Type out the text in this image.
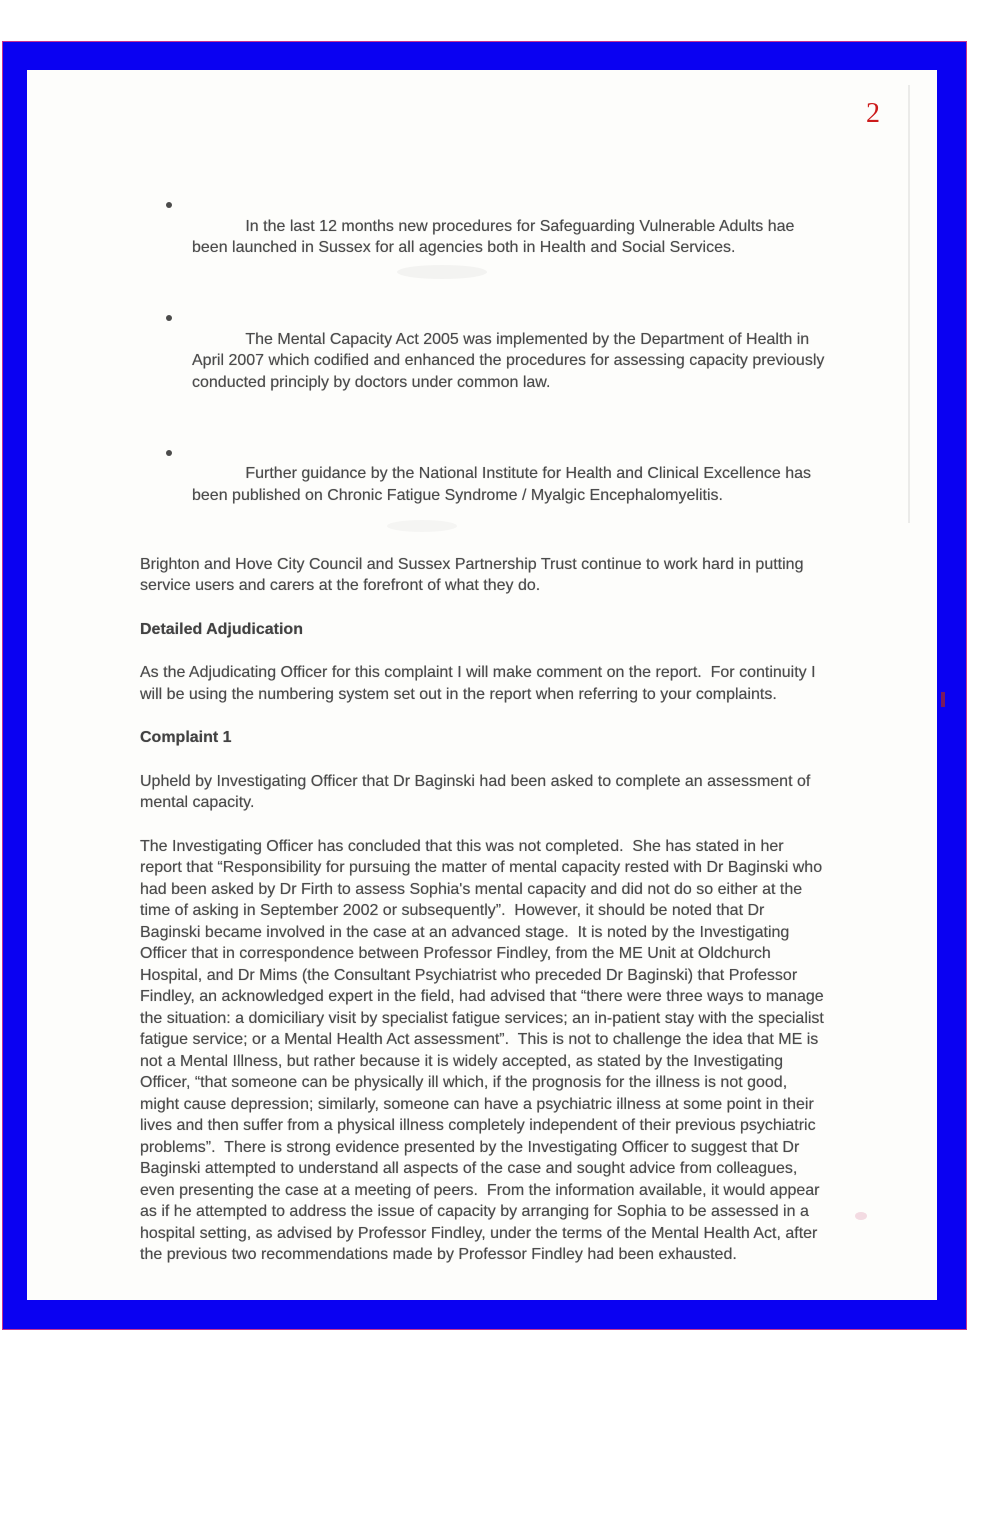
2

In the last 12 months new procedures for Safeguarding Vulnerable Adults hae been launched in Sussex for all agencies both in Health and Social Services.

The Mental Capacity Act 2005 was implemented by the Department of Health in April 2007 which codified and enhanced the procedures for assessing capacity previously conducted principly by doctors under common law.

Further guidance by the National Institute for Health and Clinical Excellence has been published on Chronic Fatigue Syndrome / Myalgic Encephalomyelitis.

Brighton and Hove City Council and Sussex Partnership Trust continue to work hard in putting service users and carers at the forefront of what they do.

Detailed Adjudication

As the Adjudicating Officer for this complaint I will make comment on the report.  For continuity I will be using the numbering system set out in the report when referring to your complaints.

Complaint 1

Upheld by Investigating Officer that Dr Baginski had been asked to complete an assessment of mental capacity.

The Investigating Officer has concluded that this was not completed.  She has stated in her report that “Responsibility for pursuing the matter of mental capacity rested with Dr Baginski who had been asked by Dr Firth to assess Sophia's mental capacity and did not do so either at the time of asking in September 2002 or subsequently”.  However, it should be noted that Dr Baginski became involved in the case at an advanced stage.  It is noted by the Investigating Officer that in correspondence between Professor Findley, from the ME Unit at Oldchurch Hospital, and Dr Mims (the Consultant Psychiatrist who preceded Dr Baginski) that Professor Findley, an acknowledged expert in the field, had advised that “there were three ways to manage the situation: a domiciliary visit by specialist fatigue services; an in-patient stay with the specialist fatigue service; or a Mental Health Act assessment”.  This is not to challenge the idea that ME is not a Mental Illness, but rather because it is widely accepted, as stated by the Investigating Officer, “that someone can be physically ill which, if the prognosis for the illness is not good, might cause depression; similarly, someone can have a psychiatric illness at some point in their lives and then suffer from a physical illness completely independent of their previous psychiatric problems”.  There is strong evidence presented by the Investigating Officer to suggest that Dr Baginski attempted to understand all aspects of the case and sought advice from colleagues, even presenting the case at a meeting of peers.  From the information available, it would appear as if he attempted to address the issue of capacity by arranging for Sophia to be assessed in a hospital setting, as advised by Professor Findley, under the terms of the Mental Health Act, after the previous two recommendations made by Professor Findley had been exhausted.
